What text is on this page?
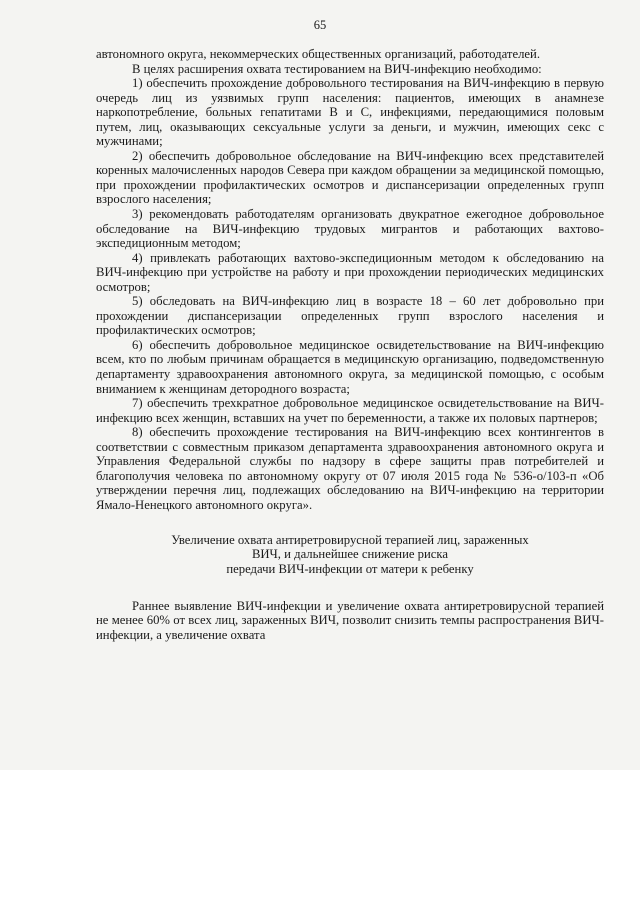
65

автономного округа, некоммерческих общественных организаций, работодателей.

В целях расширения охвата тестированием на ВИЧ-инфекцию необходимо:

1) обеспечить прохождение добровольного тестирования на ВИЧ-инфекцию в первую очередь лиц из уязвимых групп населения: пациентов, имеющих в анамнезе наркопотребление, больных гепатитами В и С, инфекциями, передающимися половым путем, лиц, оказывающих сексуальные услуги за деньги, и мужчин, имеющих секс с мужчинами;

2) обеспечить добровольное обследование на ВИЧ-инфекцию всех представителей коренных малочисленных народов Севера при каждом обращении за медицинской помощью, при прохождении профилактических осмотров и диспансеризации определенных групп взрослого населения;

3) рекомендовать работодателям организовать двукратное ежегодное добровольное обследование на ВИЧ-инфекцию трудовых мигрантов и работающих вахтово-экспедиционным методом;

4) привлекать работающих вахтово-экспедиционным методом к обследованию на ВИЧ-инфекцию при устройстве на работу и при прохождении периодических медицинских осмотров;

5) обследовать на ВИЧ-инфекцию лиц в возрасте 18 – 60 лет добровольно при прохождении диспансеризации определенных групп взрослого населения и профилактических осмотров;

6) обеспечить добровольное медицинское освидетельствование на ВИЧ-инфекцию всем, кто по любым причинам обращается в медицинскую организацию, подведомственную департаменту здравоохранения автономного округа, за медицинской помощью, с особым вниманием к женщинам детородного возраста;

7) обеспечить трехкратное добровольное медицинское освидетельствование на ВИЧ-инфекцию всех женщин, вставших на учет по беременности, а также их половых партнеров;

8) обеспечить прохождение тестирования на ВИЧ-инфекцию всех контингентов в соответствии с совместным приказом департамента здравоохранения автономного округа и Управления Федеральной службы по надзору в сфере защиты прав потребителей и благополучия человека по автономному округу от 07 июля 2015 года № 536-о/103-п «Об утверждении перечня лиц, подлежащих обследованию на ВИЧ-инфекцию на территории Ямало-Ненецкого автономного округа».

Увеличение охвата антиретровирусной терапией лиц, зараженных
ВИЧ, и дальнейшее снижение риска
передачи ВИЧ-инфекции от матери к ребенку

Раннее выявление ВИЧ-инфекции и увеличение охвата антиретровирусной терапией не менее 60% от всех лиц, зараженных ВИЧ, позволит снизить темпы распространения ВИЧ-инфекции, а увеличение охвата
